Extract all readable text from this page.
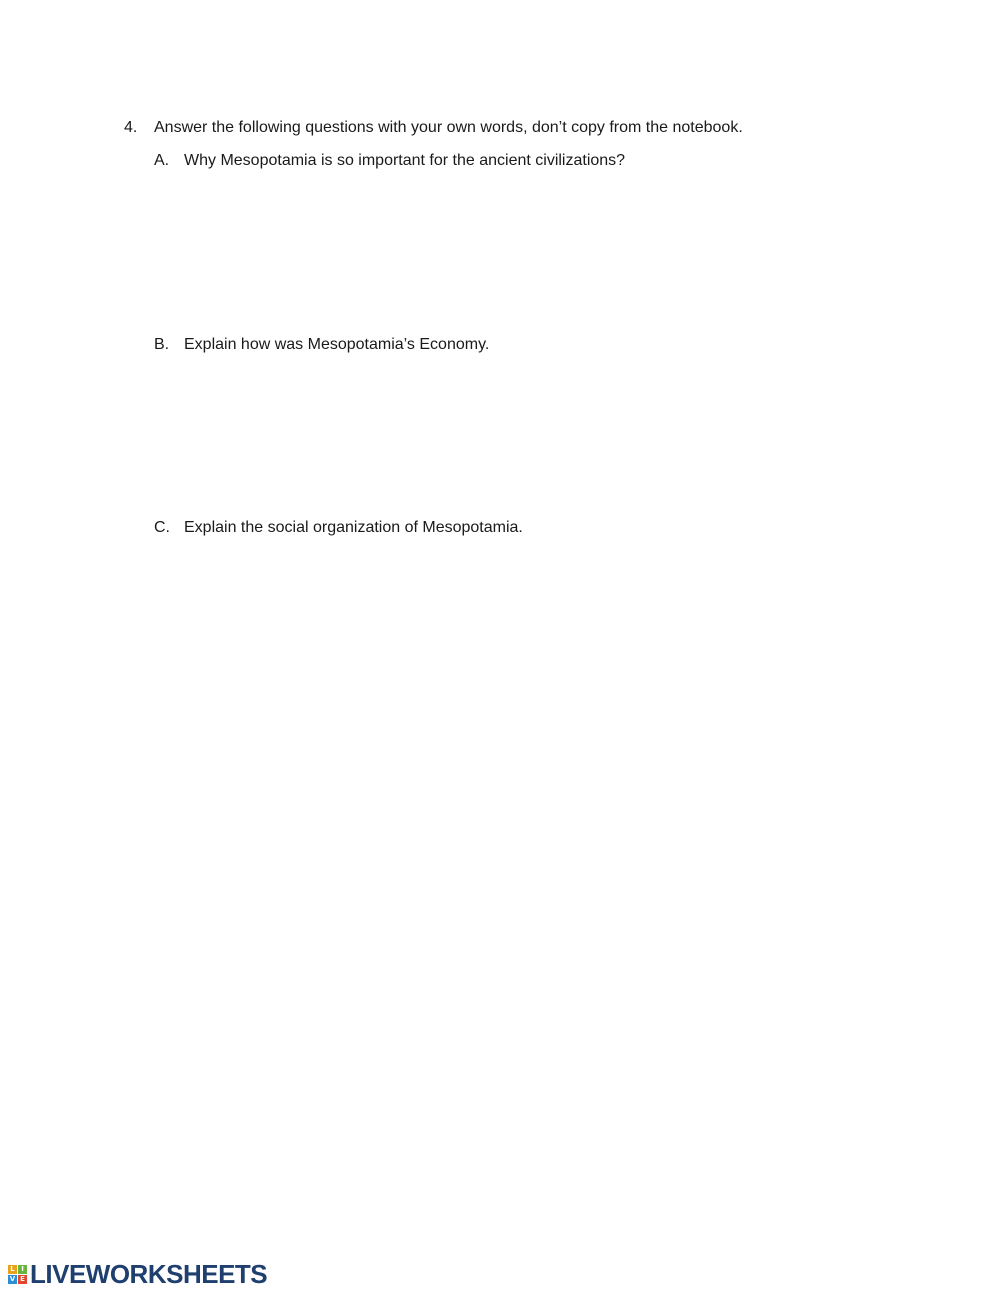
4. Answer the following questions with your own words, don’t copy from the notebook.
A. Why Mesopotamia is so important for the ancient civilizations?
B. Explain how was Mesopotamia’s Economy.
C. Explain the social organization of Mesopotamia.
L I
V E LIVEWORKSHEETS
